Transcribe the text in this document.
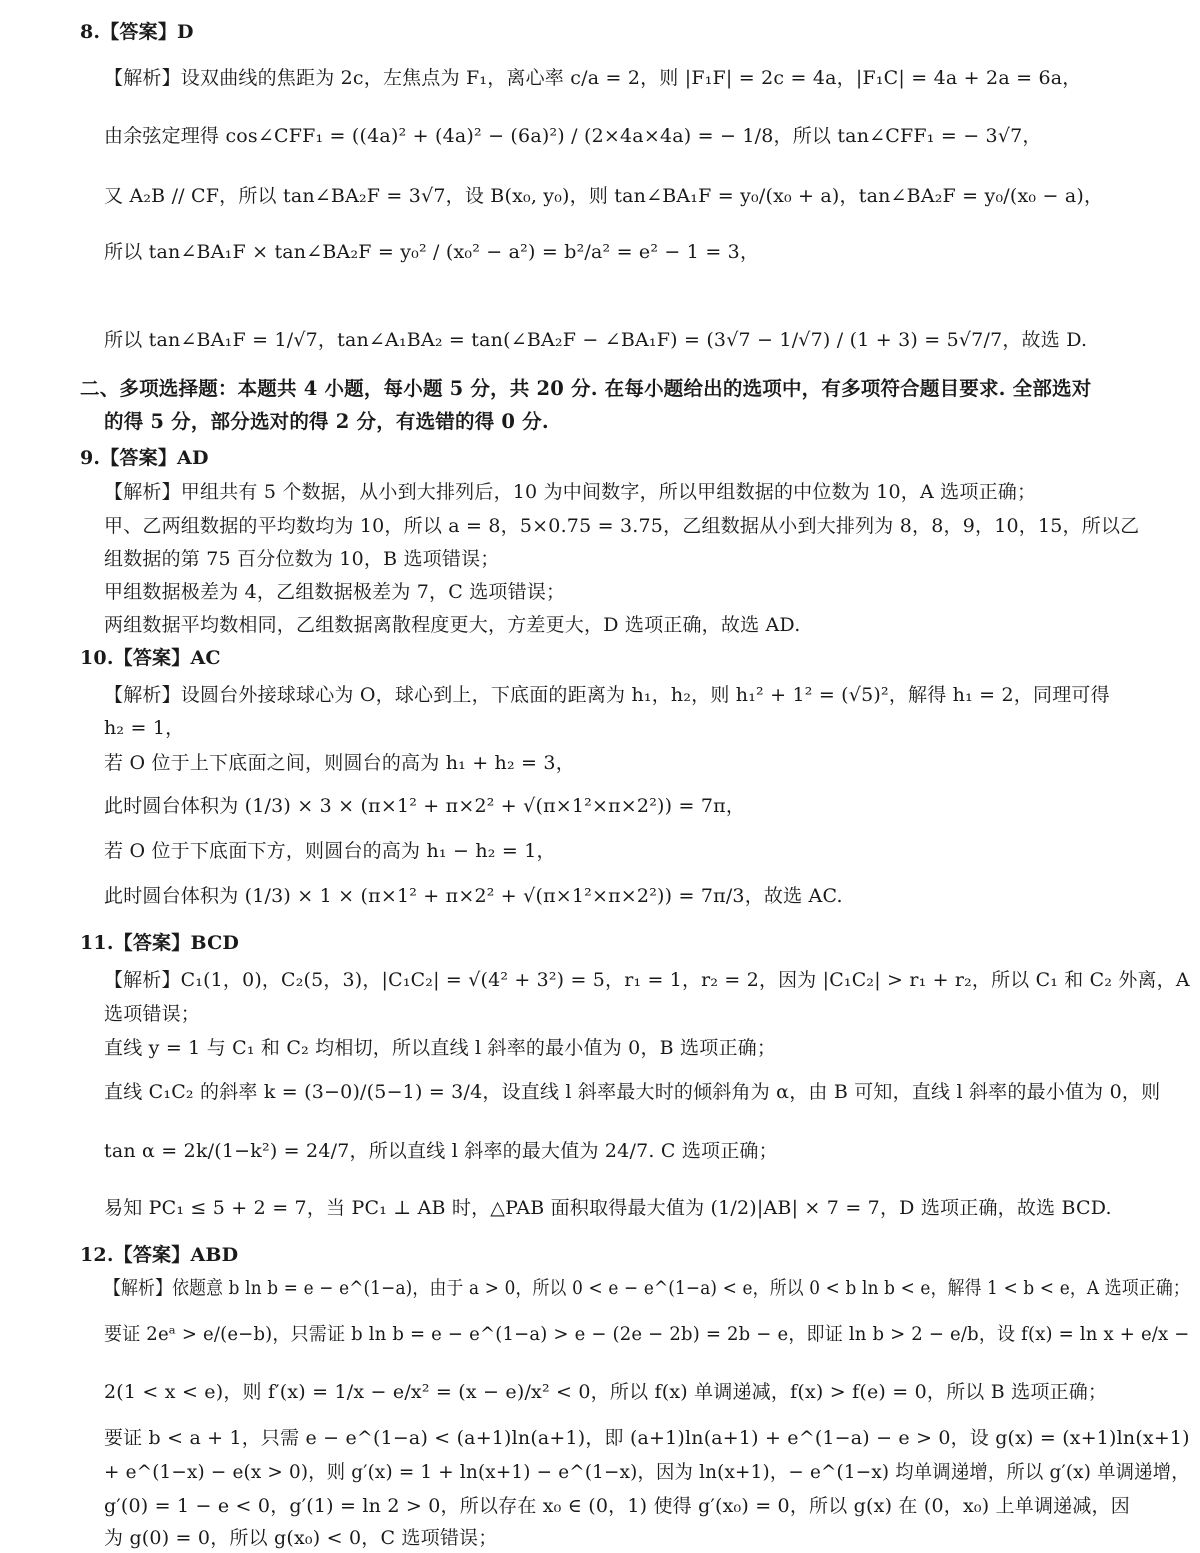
8.【答案】D
【解析】设双曲线的焦距为 2c，左焦点为 F₁，离心率 c/a = 2，则 |F₁F| = 2c = 4a，|F₁C| = 4a + 2a = 6a，
由余弦定理得 cos∠CFF₁ = ((4a)² + (4a)² − (6a)²) / (2×4a×4a) = − 1/8，所以 tan∠CFF₁ = − 3√7，
又 A₂B // CF，所以 tan∠BA₂F = 3√7，设 B(x₀, y₀)，则 tan∠BA₁F = y₀/(x₀ + a)，tan∠BA₂F = y₀/(x₀ − a)，
所以 tan∠BA₁F × tan∠BA₂F = y₀² / (x₀² − a²) = b²/a² = e² − 1 = 3，
所以 tan∠BA₁F = 1/√7，tan∠A₁BA₂ = tan(∠BA₂F − ∠BA₁F) = (3√7 − 1/√7) / (1 + 3) = 5√7/7，故选 D.
二、多项选择题：本题共 4 小题，每小题 5 分，共 20 分. 在每小题给出的选项中，有多项符合题目要求. 全部选对
的得 5 分，部分选对的得 2 分，有选错的得 0 分.
9.【答案】AD
【解析】甲组共有 5 个数据，从小到大排列后，10 为中间数字，所以甲组数据的中位数为 10，A 选项正确；
甲、乙两组数据的平均数均为 10，所以 a = 8，5×0.75 = 3.75，乙组数据从小到大排列为 8，8，9，10，15，所以乙
组数据的第 75 百分位数为 10，B 选项错误；
甲组数据极差为 4，乙组数据极差为 7，C 选项错误；
两组数据平均数相同，乙组数据离散程度更大，方差更大，D 选项正确，故选 AD.
10.【答案】AC
【解析】设圆台外接球球心为 O，球心到上，下底面的距离为 h₁，h₂，则 h₁² + 1² = (√5)²，解得 h₁ = 2，同理可得
h₂ = 1，
若 O 位于上下底面之间，则圆台的高为 h₁ + h₂ = 3，
此时圆台体积为 (1/3) × 3 × (π×1² + π×2² + √(π×1²×π×2²)) = 7π，
若 O 位于下底面下方，则圆台的高为 h₁ − h₂ = 1，
此时圆台体积为 (1/3) × 1 × (π×1² + π×2² + √(π×1²×π×2²)) = 7π/3，故选 AC.
11.【答案】BCD
【解析】C₁(1，0)，C₂(5，3)，|C₁C₂| = √(4² + 3²) = 5，r₁ = 1，r₂ = 2，因为 |C₁C₂| > r₁ + r₂，所以 C₁ 和 C₂ 外离，A
选项错误；
直线 y = 1 与 C₁ 和 C₂ 均相切，所以直线 l 斜率的最小值为 0，B 选项正确；
直线 C₁C₂ 的斜率 k = (3−0)/(5−1) = 3/4，设直线 l 斜率最大时的倾斜角为 α，由 B 可知，直线 l 斜率的最小值为 0，则
tan α = 2k/(1−k²) = 24/7，所以直线 l 斜率的最大值为 24/7. C 选项正确；
易知 PC₁ ≤ 5 + 2 = 7，当 PC₁ ⊥ AB 时，△PAB 面积取得最大值为 (1/2)|AB| × 7 = 7，D 选项正确，故选 BCD.
12.【答案】ABD
【解析】依题意 b ln b = e − e^(1−a)，由于 a > 0，所以 0 < e − e^(1−a) < e，所以 0 < b ln b < e，解得 1 < b < e，A 选项正确；
要证 2eᵃ > e/(e−b)，只需证 b ln b = e − e^(1−a) > e − (2e − 2b) = 2b − e，即证 ln b > 2 − e/b，设 f(x) = ln x + e/x −
2(1 < x < e)，则 f′(x) = 1/x − e/x² = (x − e)/x² < 0，所以 f(x) 单调递减，f(x) > f(e) = 0，所以 B 选项正确；
要证 b < a + 1，只需 e − e^(1−a) < (a+1)ln(a+1)，即 (a+1)ln(a+1) + e^(1−a) − e > 0，设 g(x) = (x+1)ln(x+1)
+ e^(1−x) − e(x > 0)，则 g′(x) = 1 + ln(x+1) − e^(1−x)，因为 ln(x+1)，− e^(1−x) 均单调递增，所以 g′(x) 单调递增，
g′(0) = 1 − e < 0，g′(1) = ln 2 > 0，所以存在 x₀ ∈ (0，1) 使得 g′(x₀) = 0，所以 g(x) 在 (0，x₀) 上单调递减，因
为 g(0) = 0，所以 g(x₀) < 0，C 选项错误；
